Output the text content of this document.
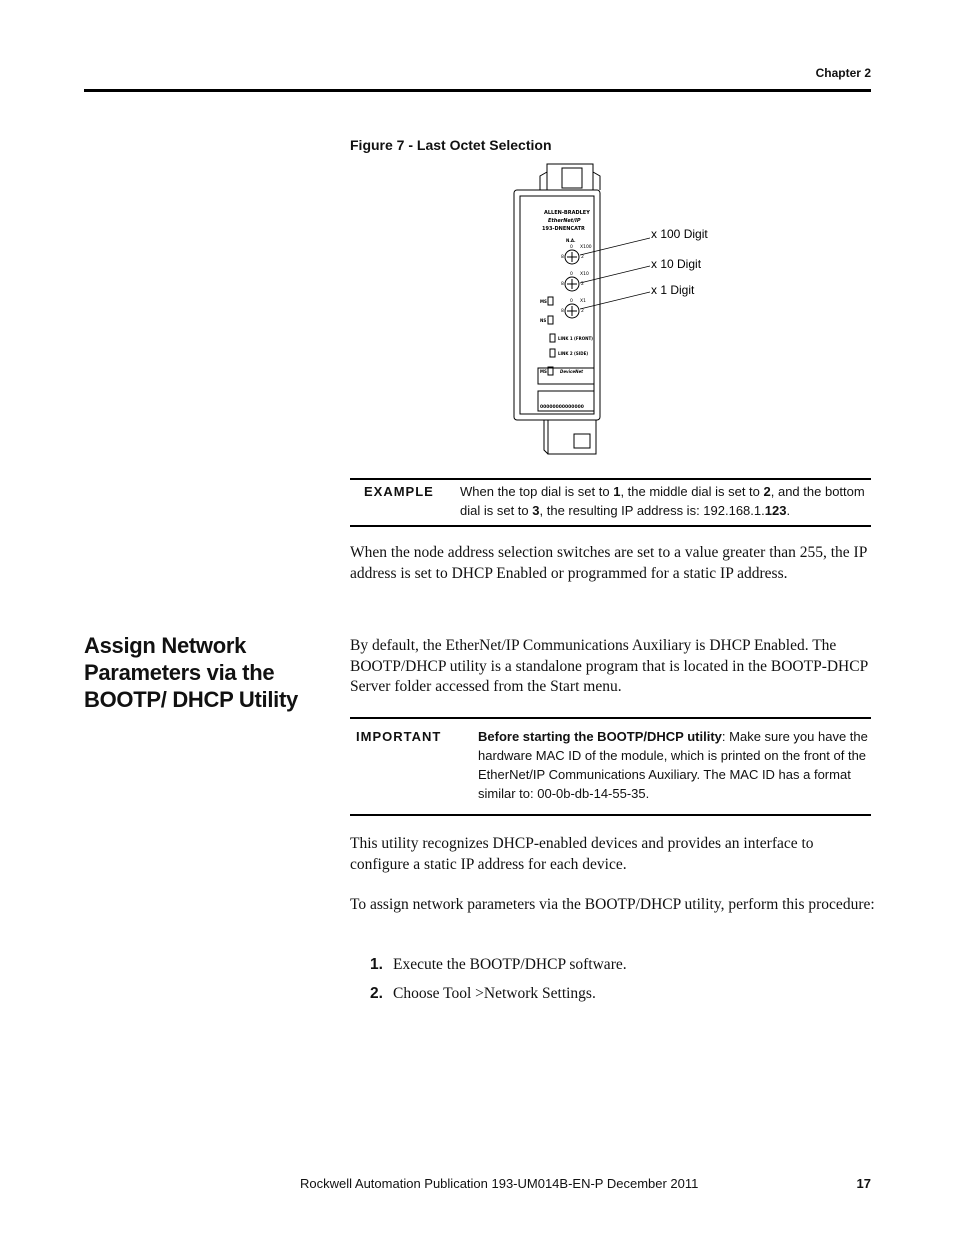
Chapter 2
Figure 7 - Last Octet Selection
ALLEN-BRADLEY
EtherNet/IP
193-DNENCATR
N.A.
00000000000000
0 X100
0 X10
0 X1
8	2
8	2
8	2
MS
NS
LINK 1 (FRONT)
LINK 2 (SIDE)
MS	DeviceNet
x 100 Digit
x 10 Digit
x 1 Digit
EXAMPLE When the top dial is set to 1, the middle dial is set to 2, and the bottom dial is set to 3, the resulting IP address is: 192.168.1.123.
When the node address selection switches are set to a value greater than 255, the IP address is set to DHCP Enabled or programmed for a static IP address.
Assign Network Parameters via the BOOTP/ DHCP Utility
By default, the EtherNet/IP Communications Auxiliary is DHCP Enabled. The BOOTP/DHCP utility is a standalone program that is located in the BOOTP-DHCP Server folder accessed from the Start menu.
IMPORTANT	Before starting the BOOTP/DHCP utility: Make sure you have the hardware MAC ID of the module, which is printed on the front of the EtherNet/IP Communications Auxiliary. The MAC ID has a format similar to: 00-0b-db-14-55-35.
This utility recognizes DHCP-enabled devices and provides an interface to configure a static IP address for each device.
To assign network parameters via the BOOTP/DHCP utility, perform this procedure:
1. Execute the BOOTP/DHCP software.
2. Choose Tool >Network Settings.
Rockwell Automation Publication 193-UM014B-EN-P December 2011	17
